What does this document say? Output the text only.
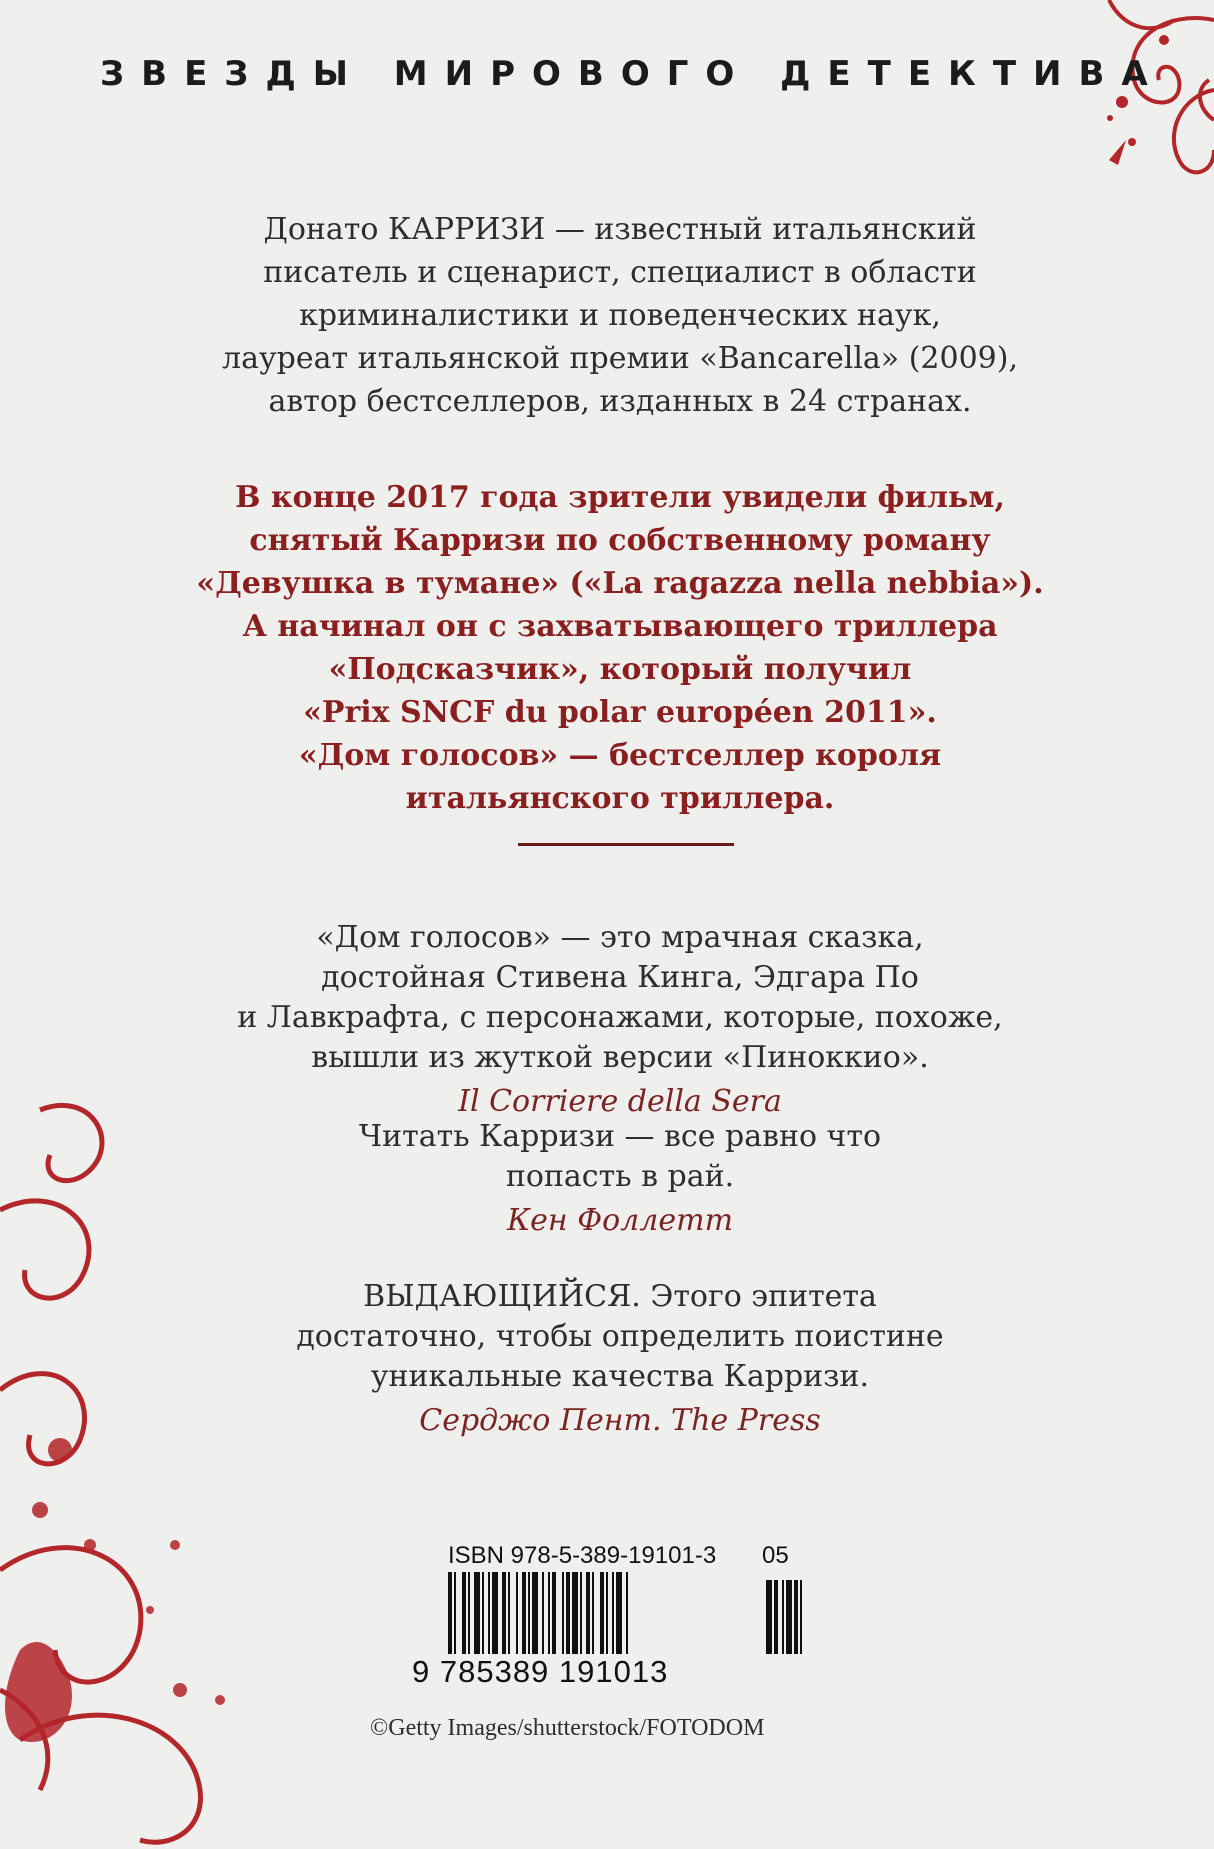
ЗВЕЗДЫ МИРОВОГО ДЕТЕКТИВА

Донато КАРРИЗИ — известный итальянский

писатель и сценарист, специалист в области

криминалистики и поведенческих наук,

лауреат итальянской премии «Bancarella» (2009),

автор бестселлеров, изданных в 24 странах.

В конце 2017 года зрители увидели фильм,

снятый Карризи по собственному роману

«Девушка в тумане» («La ragazza nella nebbia»).

А начинал он с захватывающего триллера

«Подсказчик», который получил

«Prix SNCF du polar européen 2011».

«Дом голосов» — бестселлер короля

итальянского триллера.

«Дом голосов» — это мрачная сказка,

достойная Стивена Кинга, Эдгара По

и Лавкрафта, с персонажами, которые, похоже,

вышли из жуткой версии «Пиноккио».

Il Corriere della Sera

Читать Карризи — все равно что

попасть в рай.

Кен Фоллетт

ВЫДАЮЩИЙСЯ. Этого эпитета

достаточно, чтобы определить поистине

уникальные качества Карризи.

Серджо Пент. The Press

ISBN 978-5-389-19101-3 05
9 785389 191013
©Getty Images/shutterstock/FOTODOM
